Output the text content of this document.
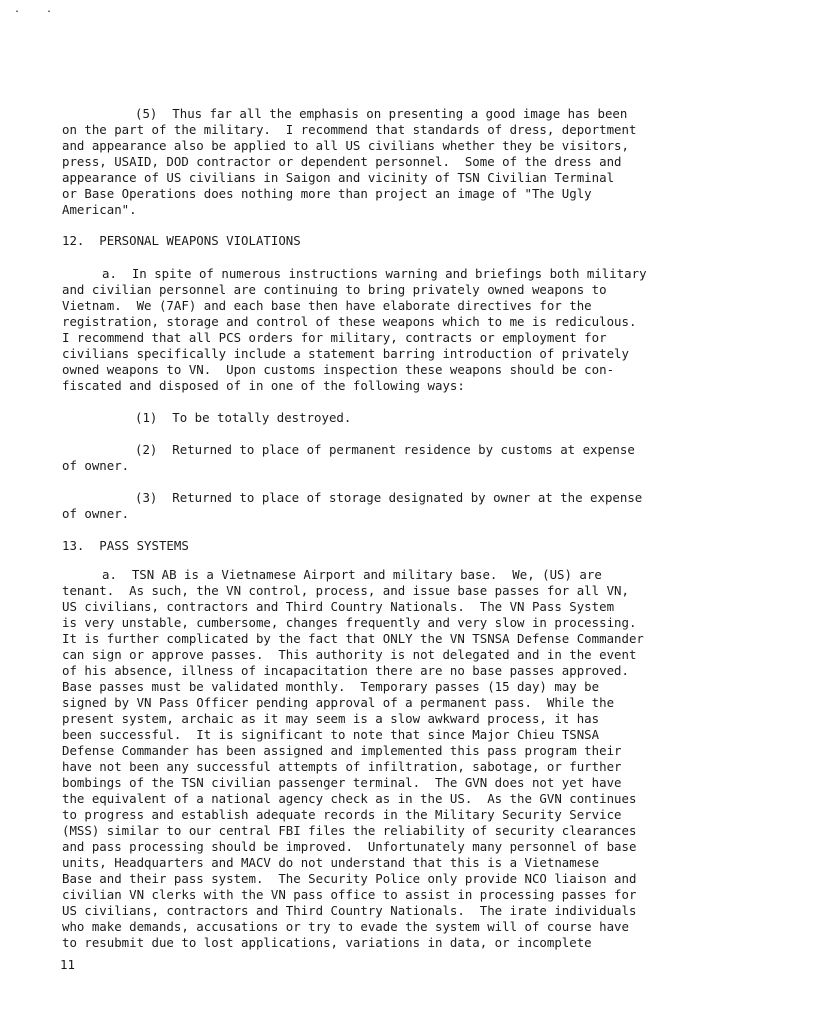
. .
(5)  Thus far all the emphasis on presenting a good image has been
on the part of the military.  I recommend that standards of dress, deportment
and appearance also be applied to all US civilians whether they be visitors,
press, USAID, DOD contractor or dependent personnel.  Some of the dress and
appearance of US civilians in Saigon and vicinity of TSN Civilian Terminal
or Base Operations does nothing more than project an image of "The Ugly
American".
12.  PERSONAL WEAPONS VIOLATIONS
a.  In spite of numerous instructions warning and briefings both military
and civilian personnel are continuing to bring privately owned weapons to
Vietnam.  We (7AF) and each base then have elaborate directives for the
registration, storage and control of these weapons which to me is rediculous.
I recommend that all PCS orders for military, contracts or employment for
civilians specifically include a statement barring introduction of privately
owned weapons to VN.  Upon customs inspection these weapons should be con-
fiscated and disposed of in one of the following ways:
(1)  To be totally destroyed.
(2)  Returned to place of permanent residence by customs at expense
of owner.
(3)  Returned to place of storage designated by owner at the expense
of owner.
13.  PASS SYSTEMS
a.  TSN AB is a Vietnamese Airport and military base.  We, (US) are
tenant.  As such, the VN control, process, and issue base passes for all VN,
US civilians, contractors and Third Country Nationals.  The VN Pass System
is very unstable, cumbersome, changes frequently and very slow in processing.
It is further complicated by the fact that ONLY the VN TSNSA Defense Commander
can sign or approve passes.  This authority is not delegated and in the event
of his absence, illness of incapacitation there are no base passes approved.
Base passes must be validated monthly.  Temporary passes (15 day) may be
signed by VN Pass Officer pending approval of a permanent pass.  While the
present system, archaic as it may seem is a slow awkward process, it has
been successful.  It is significant to note that since Major Chieu TSNSA
Defense Commander has been assigned and implemented this pass program their
have not been any successful attempts of infiltration, sabotage, or further
bombings of the TSN civilian passenger terminal.  The GVN does not yet have
the equivalent of a national agency check as in the US.  As the GVN continues
to progress and establish adequate records in the Military Security Service
(MSS) similar to our central FBI files the reliability of security clearances
and pass processing should be improved.  Unfortunately many personnel of base
units, Headquarters and MACV do not understand that this is a Vietnamese
Base and their pass system.  The Security Police only provide NCO liaison and
civilian VN clerks with the VN pass office to assist in processing passes for
US civilians, contractors and Third Country Nationals.  The irate individuals
who make demands, accusations or try to evade the system will of course have
to resubmit due to lost applications, variations in data, or incomplete
11
